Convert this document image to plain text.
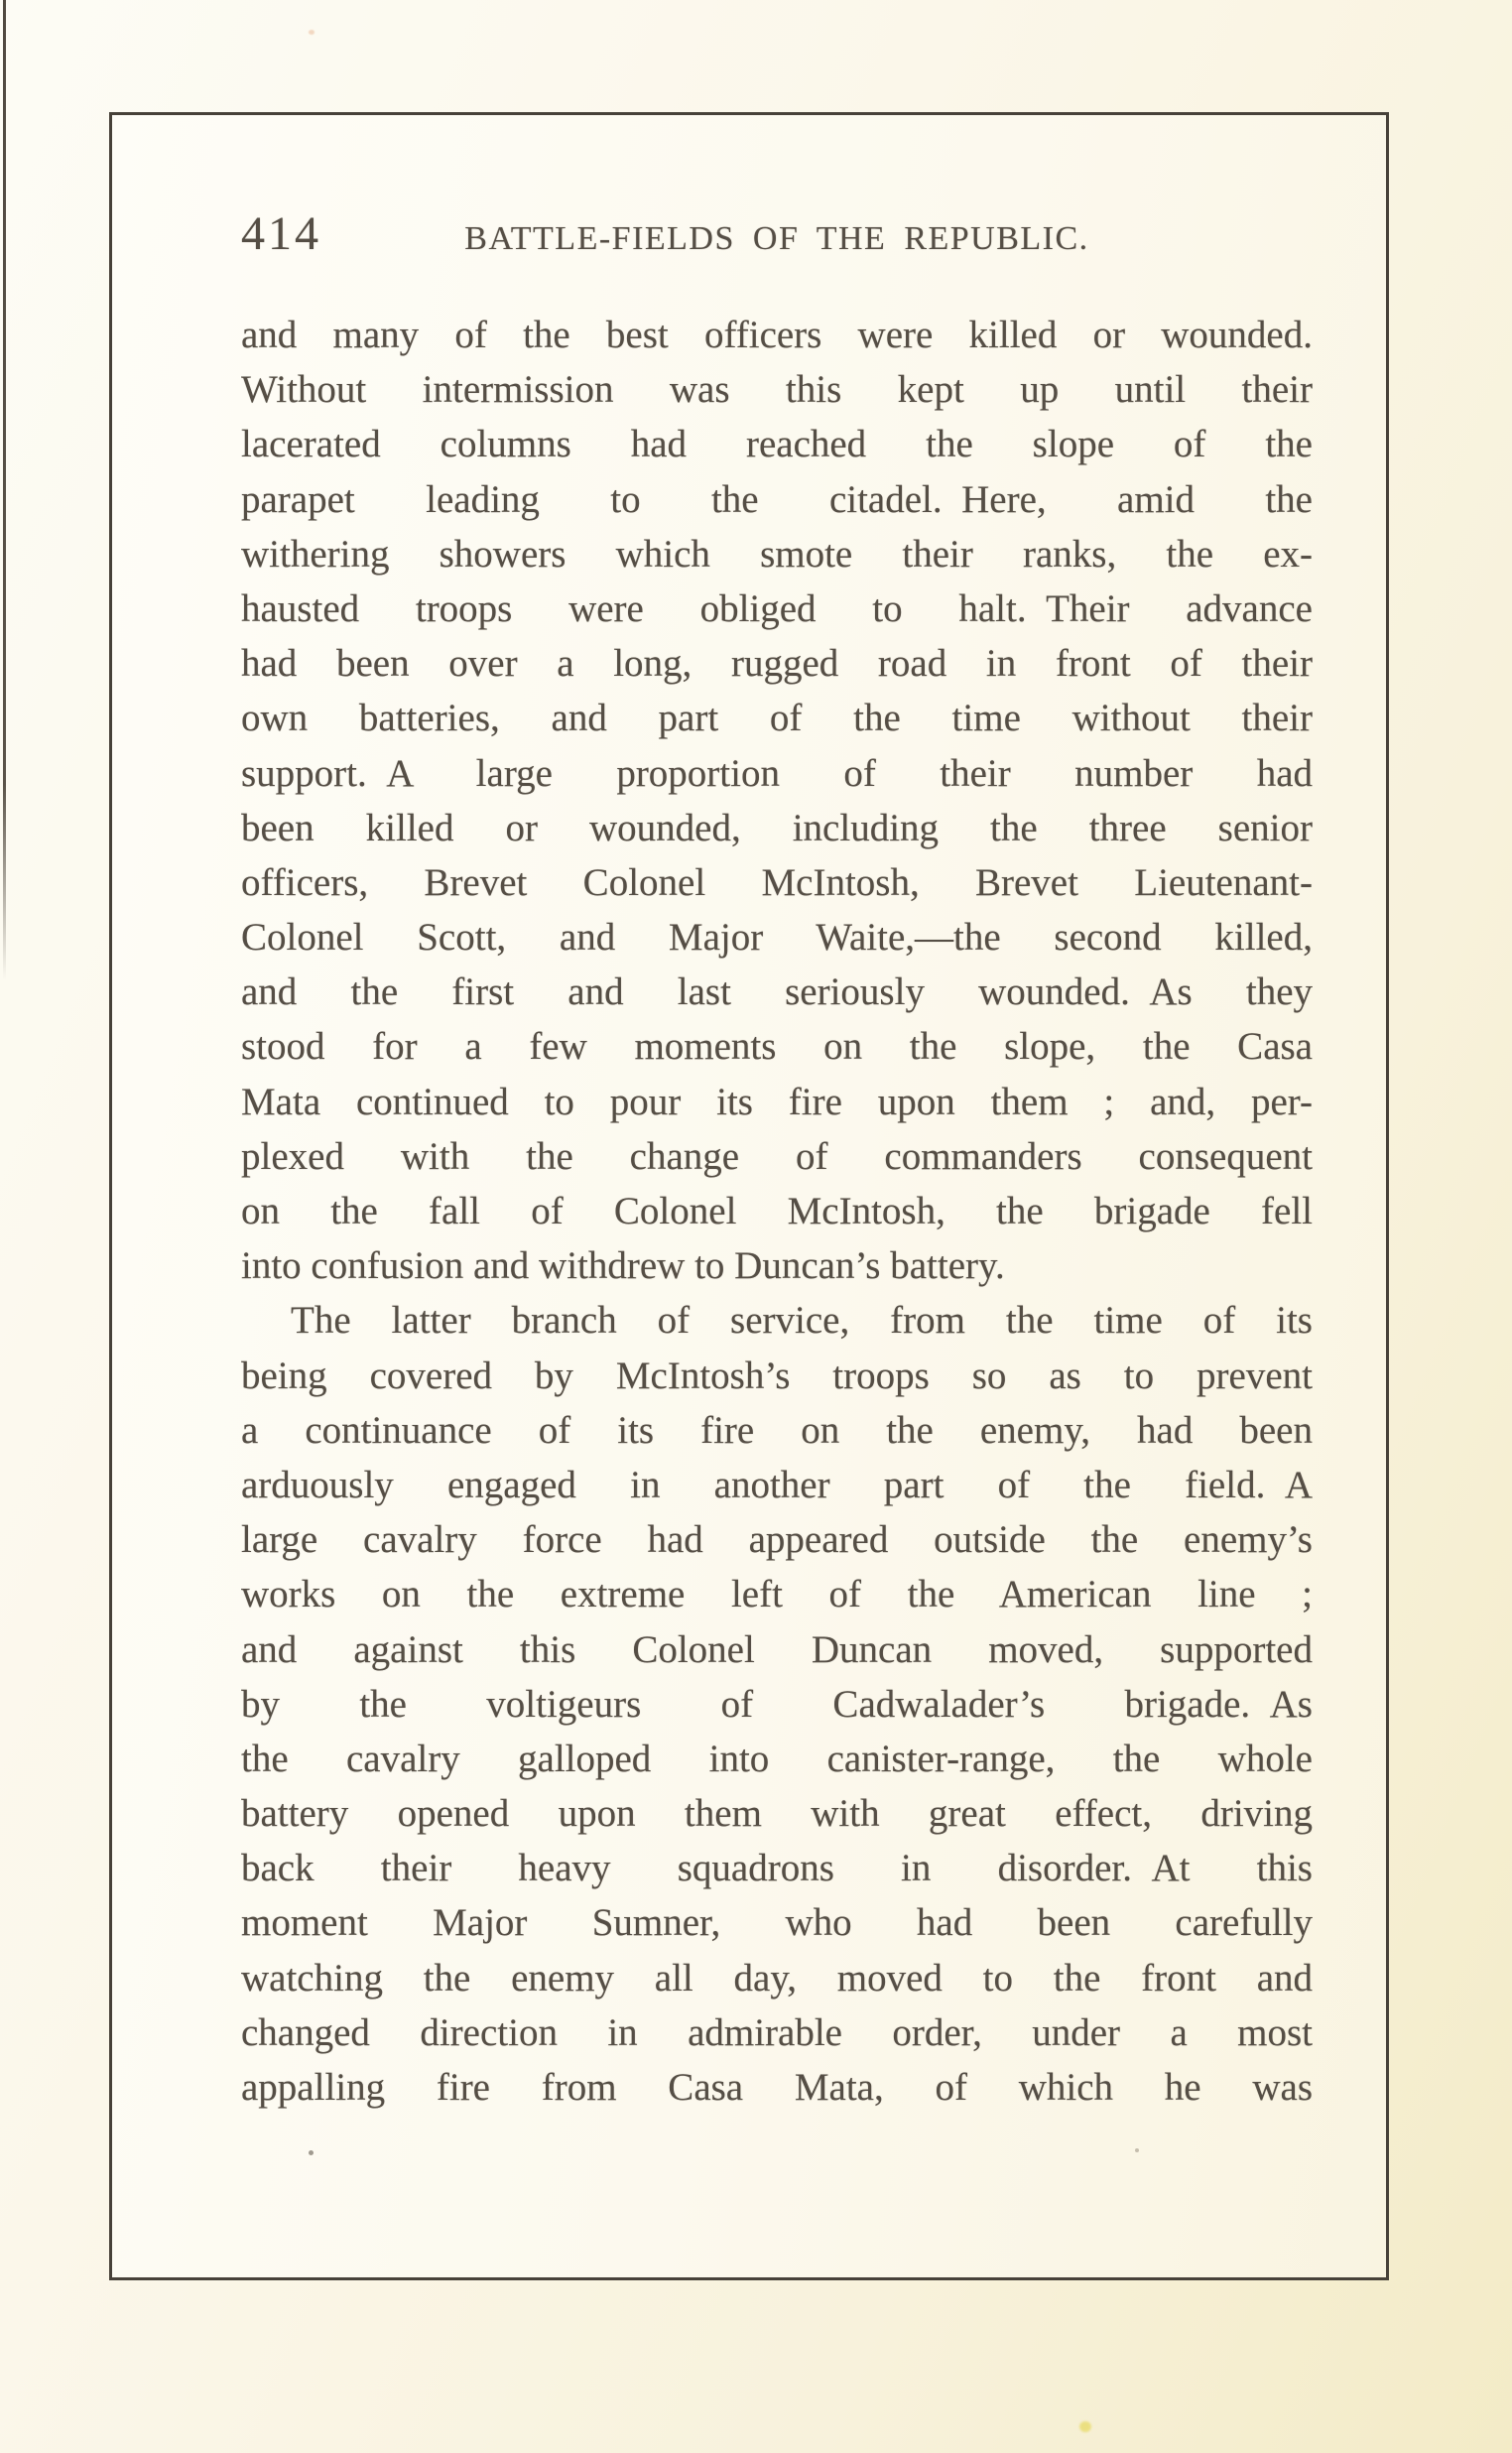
414	BATTLE-FIELDS OF THE REPUBLIC.
and many of the best officers were killed or wounded.
Without intermission was this kept up until their
lacerated columns had reached the slope of the
parapet leading to the citadel. Here, amid the
withering showers which smote their ranks, the ex-
hausted troops were obliged to halt. Their advance
had been over a long, rugged road in front of their
own batteries, and part of the time without their
support. A large proportion of their number had
been killed or wounded, including the three senior
officers, Brevet Colonel McIntosh, Brevet Lieutenant-
Colonel Scott, and Major Waite,—the second killed,
and the first and last seriously wounded. As they
stood for a few moments on the slope, the Casa
Mata continued to pour its fire upon them ; and, per-
plexed with the change of commanders consequent
on the fall of Colonel McIntosh, the brigade fell
into confusion and withdrew to Duncan’s battery.
The latter branch of service, from the time of its
being covered by McIntosh’s troops so as to prevent
a continuance of its fire on the enemy, had been
arduously engaged in another part of the field. A
large cavalry force had appeared outside the enemy’s
works on the extreme left of the American line ;
and against this Colonel Duncan moved, supported
by the voltigeurs of Cadwalader’s brigade. As
the cavalry galloped into canister-range, the whole
battery opened upon them with great effect, driving
back their heavy squadrons in disorder. At this
moment Major Sumner, who had been carefully
watching the enemy all day, moved to the front and
changed direction in admirable order, under a most
appalling fire from Casa Mata, of which he was
